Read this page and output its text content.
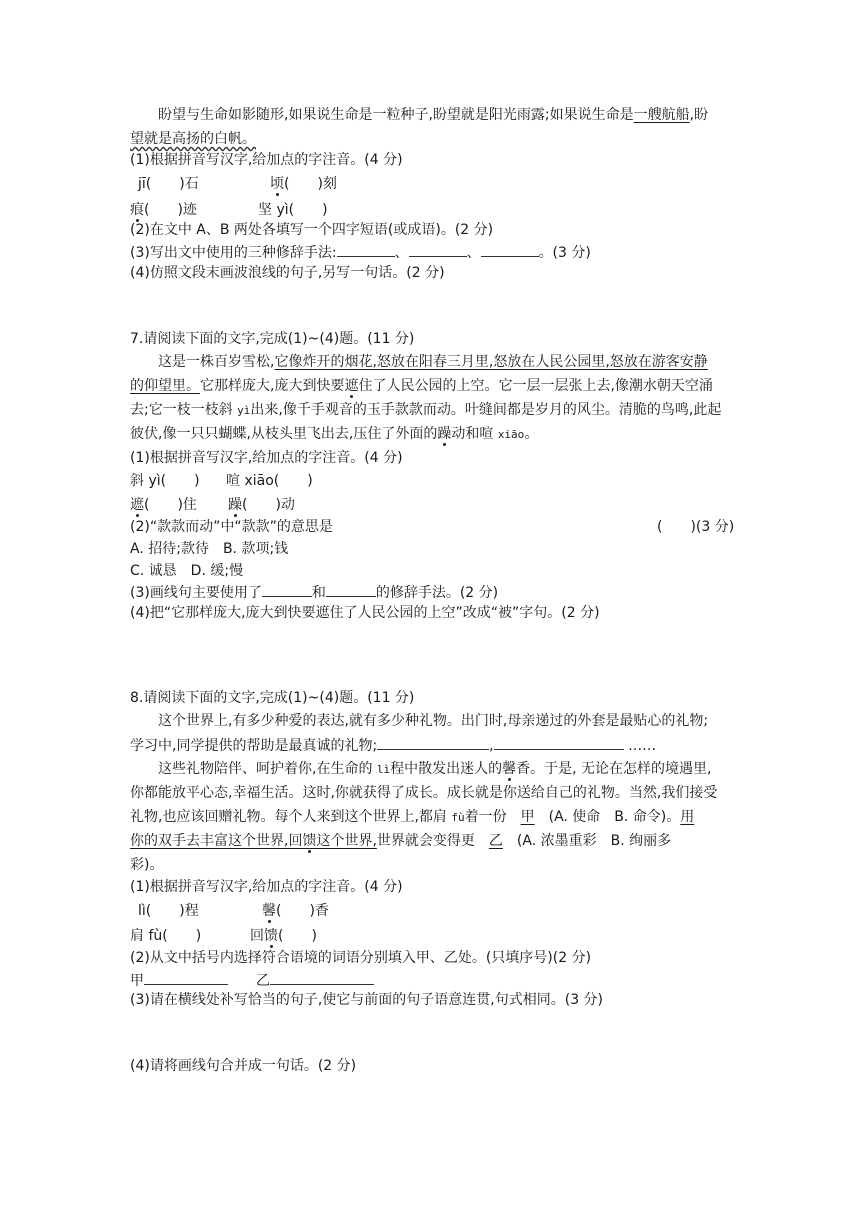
盼望与生命如影随形,如果说生命是一粒种子,盼望就是阳光雨露;如果说生命是一艘航船,盼
望就是高扬的白帆。
(1)根据拼音写汉字,给加点的字注音。(4 分)
jī(　　)石	顷(　　)刻
痕(　　)迹	坚 yì(　　)
(2)在文中 A、B 两处各填写一个四字短语(或成语)。(2 分)
(3)写出文中使用的三种修辞手法:	、	、	。(3 分)
(4)仿照文段末画波浪线的句子,另写一句话。(2 分)
7.请阅读下面的文字,完成(1)~(4)题。(11 分)
这是一株百岁雪松,它像炸开的烟花,怒放在阳春三月里,怒放在人民公园里,怒放在游客安静
的仰望里。它那样庞大,庞大到快要遮住了人民公园的上空。它一层一层张上去,像潮水朝天空涌
去;它一枝一枝斜 yì出来,像千手观音的玉手款款而动。叶缝间都是岁月的风尘。清脆的鸟鸣,此起
彼伏,像一只只蝴蝶,从枝头里飞出去,压住了外面的躁动和喧 xiāo。
(1)根据拼音写汉字,给加点的字注音。(4 分)
斜 yì(　　) 喧 xiāo(　　)
遮(　　)住 躁(　　)动
(2)“款款而动”中“款款”的意思是	(　　)(3 分)
A. 招待;款待　B. 款项;钱
C. 诚恳　D. 缓;慢
(3)画线句主要使用了	和	的修辞手法。(2 分)
(4)把“它那样庞大,庞大到快要遮住了人民公园的上空”改成“被”字句。(2 分)
8.请阅读下面的文字,完成(1)~(4)题。(11 分)
这个世界上,有多少种爱的表达,就有多少种礼物。出门时,母亲递过的外套是最贴心的礼物;
学习中,同学提供的帮助是最真诚的礼物;	,	……
这些礼物陪伴、呵护着你,在生命的 lì程中散发出迷人的馨香。于是, 无论在怎样的境遇里,
你都能放平心态,幸福生活。这时,你就获得了成长。成长就是你送给自己的礼物。当然,我们接受
礼物,也应该回赠礼物。每个人来到这个世界上,都肩 fù着一份 甲 (A. 使命　B. 命令)。用
你的双手去丰富这个世界,回馈这个世界,世界就会变得更 乙 (A. 浓墨重彩　B. 绚丽多
彩)。
(1)根据拼音写汉字,给加点的字注音。(4 分)
lì(　　)程	馨(　　)香
肩 fù(　　)	回馈(　　)
(2)从文中括号内选择符合语境的词语分别填入甲、乙处。(只填序号)(2 分)
甲	乙
(3)请在横线处补写恰当的句子,使它与前面的句子语意连贯,句式相同。(3 分)
(4)请将画线句合并成一句话。(2 分)
